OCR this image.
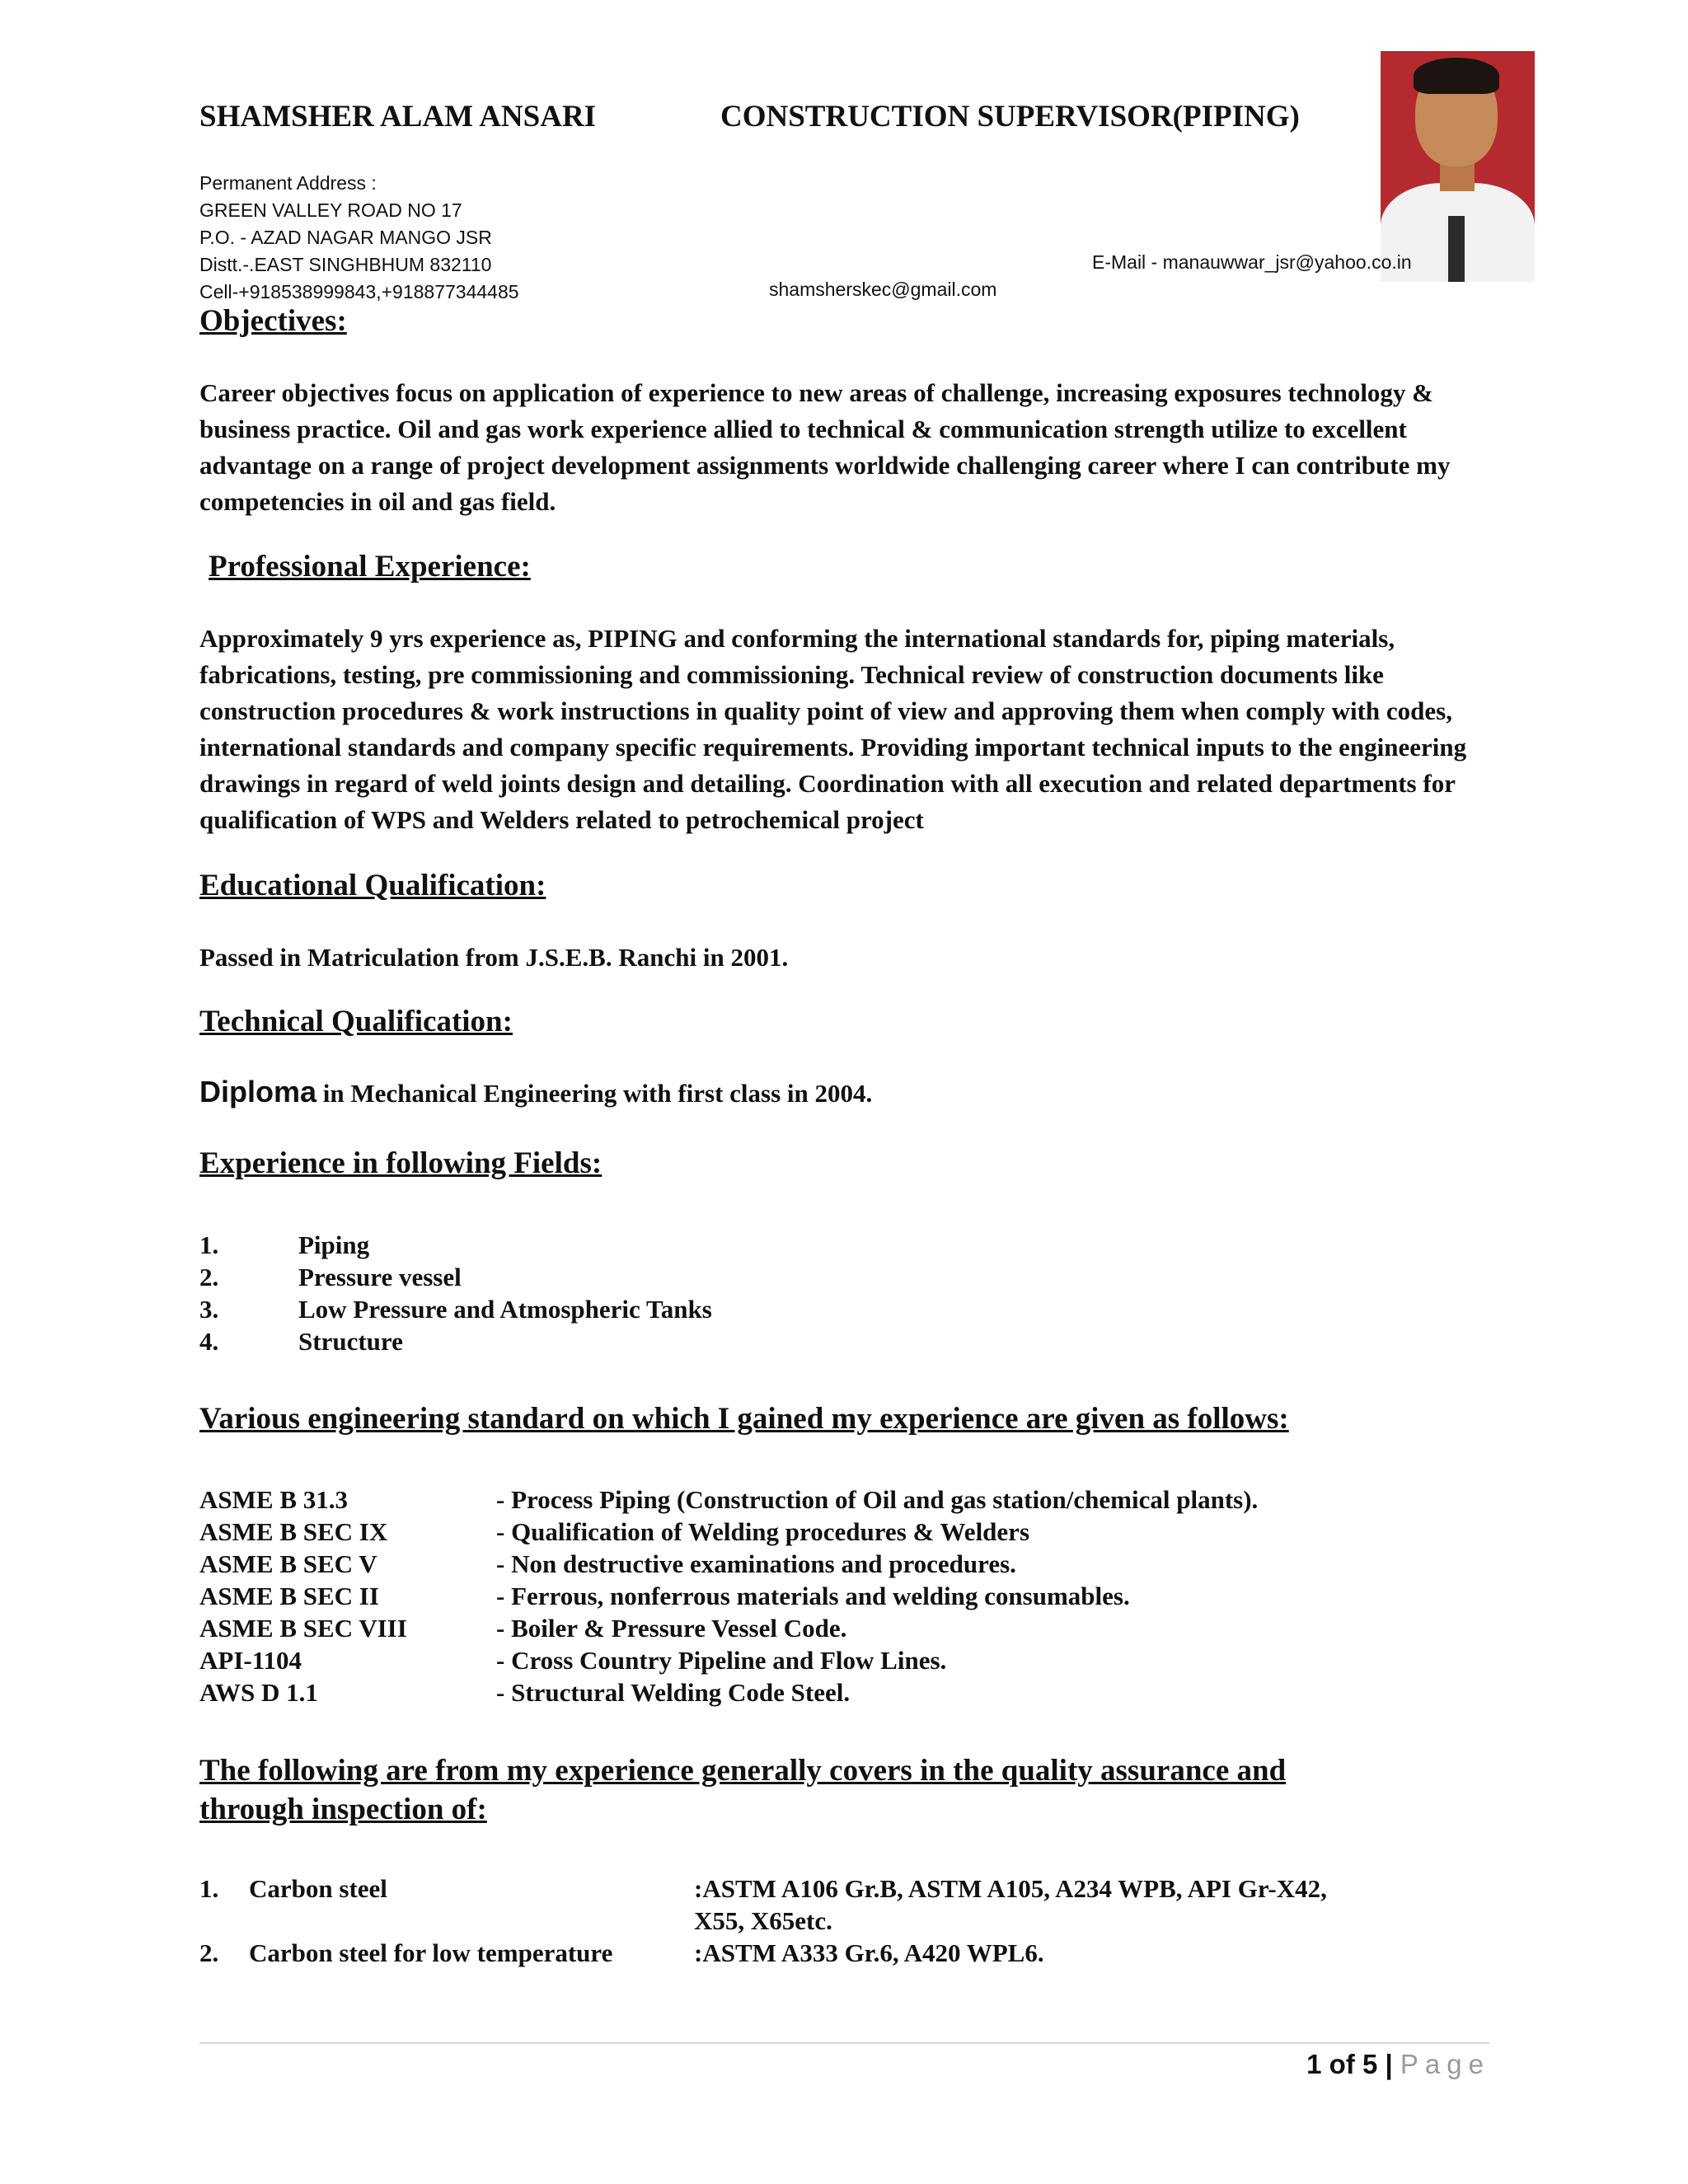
SHAMSHER ALAM ANSARI	CONSTRUCTION SUPERVISOR(PIPING)
Permanent Address :
GREEN VALLEY ROAD NO 17
P.O. - AZAD NAGAR MANGO JSR
Distt.-.EAST SINGHBHUM 832110
Cell-+918538999843,+918877344485
E-Mail - manauwwar_jsr@yahoo.co.in
shamsherskec@gmail.com
Objectives:
Career objectives focus on application of experience to new areas of challenge, increasing exposures technology & business practice. Oil and gas work experience allied to technical & communication strength utilize to excellent advantage on a range of project development assignments worldwide challenging career where I can contribute my competencies in oil and gas field.
Professional Experience:
Approximately 9 yrs experience as, PIPING and conforming the international standards for, piping materials, fabrications, testing, pre commissioning and commissioning. Technical review of construction documents like construction procedures & work instructions in quality point of view and approving them when comply with codes, international standards and company specific requirements. Providing important technical inputs to the engineering drawings in regard of weld joints design and detailing. Coordination with all execution and related departments for qualification of WPS and Welders related to petrochemical project
Educational Qualification:
Passed in Matriculation from J.S.E.B. Ranchi in 2001.
Technical Qualification:
Diploma in Mechanical Engineering with first class in 2004.
Experience in following Fields:
1.	Piping
2.	Pressure vessel
3.	Low Pressure and Atmospheric Tanks
4.	Structure
Various engineering standard on which I gained my experience are given as follows:
ASME B 31.3	- Process Piping (Construction of Oil and gas station/chemical plants).
ASME B SEC IX	- Qualification of Welding procedures & Welders
ASME B SEC V	- Non destructive examinations and procedures.
ASME B SEC II	- Ferrous, nonferrous materials and welding consumables.
ASME B SEC VIII	- Boiler & Pressure Vessel Code.
API-1104	- Cross Country Pipeline and Flow Lines.
AWS D 1.1	- Structural Welding Code Steel.
The following are from my experience generally covers in the quality assurance and
through inspection of:
1.	Carbon steel	:ASTM A106 Gr.B, ASTM A105, A234 WPB, API Gr-X42,
X55, X65etc.
2.	Carbon steel for low temperature	:ASTM A333 Gr.6, A420 WPL6.
1 of 5 | Page
